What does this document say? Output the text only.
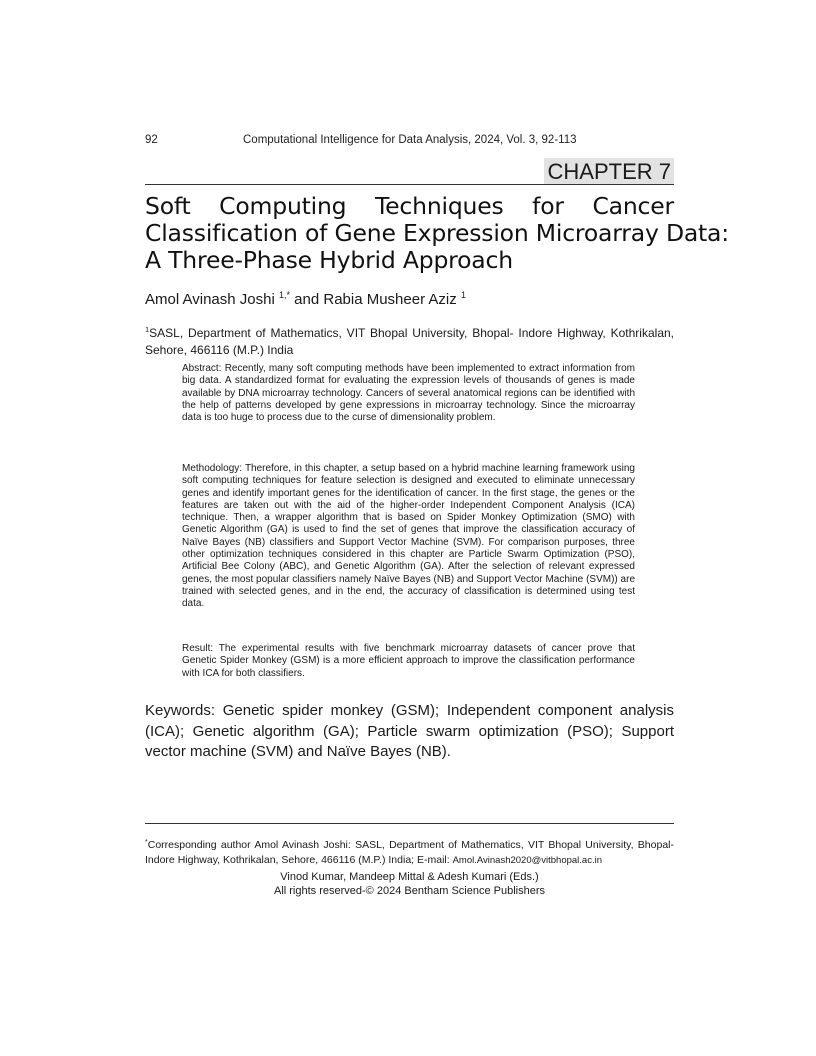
92	Computational Intelligence for Data Analysis, 2024, Vol. 3, 92-113
CHAPTER 7
Soft Computing Techniques for Cancer
Classification of Gene Expression Microarray Data:
A Three-Phase Hybrid Approach
Amol Avinash Joshi $^{1,*}$ and Rabia Musheer Aziz $^1$
$^1$SASL, Department of Mathematics, VIT Bhopal University, Bhopal- Indore Highway, Kothrikalan, Sehore, 466116 (M.P.) India
Abstract: Recently, many soft computing methods have been implemented to extract information from big data. A standardized format for evaluating the expression levels of thousands of genes is made available by DNA microarray technology. Cancers of several anatomical regions can be identified with the help of patterns developed by gene expressions in microarray technology. Since the microarray data is too huge to process due to the curse of dimensionality problem.
Methodology: Therefore, in this chapter, a setup based on a hybrid machine learning framework using soft computing techniques for feature selection is designed and executed to eliminate unnecessary genes and identify important genes for the identification of cancer. In the first stage, the genes or the features are taken out with the aid of the higher-order Independent Component Analysis (ICA) technique. Then, a wrapper algorithm that is based on Spider Monkey Optimization (SMO) with Genetic Algorithm (GA) is used to find the set of genes that improve the classification accuracy of Naïve Bayes (NB) classifiers and Support Vector Machine (SVM). For comparison purposes, three other optimization techniques considered in this chapter are Particle Swarm Optimization (PSO), Artificial Bee Colony (ABC), and Genetic Algorithm (GA). After the selection of relevant expressed genes, the most popular classifiers namely Naïve Bayes (NB) and Support Vector Machine (SVM)) are trained with selected genes, and in the end, the accuracy of classification is determined using test data.
Result: The experimental results with five benchmark microarray datasets of cancer prove that Genetic Spider Monkey (GSM) is a more efficient approach to improve the classification performance with ICA for both classifiers.
Keywords: Genetic spider monkey (GSM); Independent component analysis (ICA); Genetic algorithm (GA); Particle swarm optimization (PSO); Support vector machine (SVM) and Naïve Bayes (NB).
*Corresponding author Amol Avinash Joshi: SASL, Department of Mathematics, VIT Bhopal University, Bhopal- Indore Highway, Kothrikalan, Sehore, 466116 (M.P.) India; E-mail: Amol.Avinash2020@vitbhopal.ac.in
Vinod Kumar, Mandeep Mittal & Adesh Kumari (Eds.)
All rights reserved-© 2024 Bentham Science Publishers
